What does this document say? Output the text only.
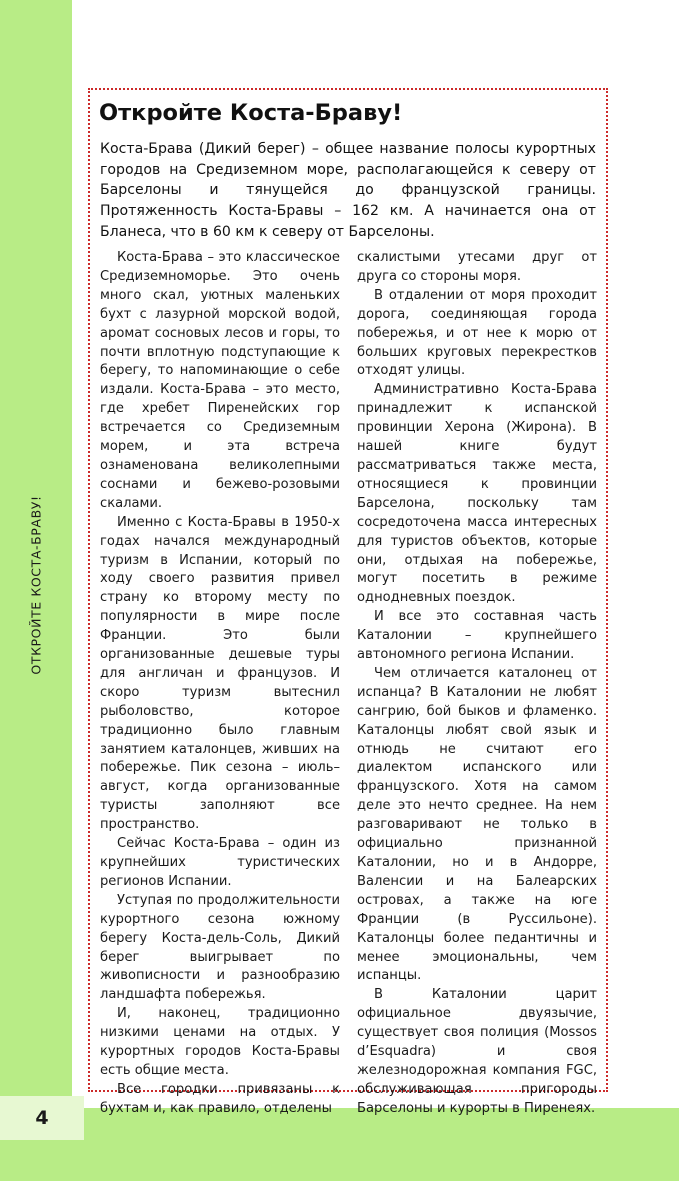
4
ОТКРОЙТЕ КОСТА-БРАВУ!
Откройте Коста-Браву!

Коста-Брава (Дикий берег) – общее название полосы курортных городов на Средиземном море, располагающейся к северу от Барселоны и тянущейся до французской границы. Протяженность Коста-Бравы – 162 км. А начинается она от Бланеса, что в 60 км к северу от Барселоны.

Коста-Брава – это классическое Средиземноморье. Это очень много скал, уютных маленьких бухт с лазурной морской водой, аромат сосновых лесов и горы, то почти вплотную подступающие к берегу, то напоминающие о себе издали. Коста-Брава – это место, где хребет Пиренейских гор встречается со Средиземным морем, и эта встреча ознаменована великолепными соснами и бежево-розовыми скалами.

Именно с Коста-Бравы в 1950-х годах начался международный туризм в Испании, который по ходу своего развития привел страну ко второму месту по популярности в мире после Франции. Это были организованные дешевые туры для англичан и французов. И скоро туризм вытеснил рыболовство, которое традиционно было главным занятием каталонцев, живших на побережье. Пик сезона – июль–август, когда организованные туристы заполняют все пространство.

Сейчас Коста-Брава – один из крупнейших туристических регионов Испании.

Уступая по продолжительности курортного сезона южному берегу Коста-дель-Соль, Дикий берег выигрывает по живописности и разнообразию ландшафта побережья.

И, наконец, традиционно низкими ценами на отдых. У курортных городов Коста-Бравы есть общие места.

Все городки привязаны к бухтам и, как правило, отделены

скалистыми утесами друг от друга со стороны моря.

В отдалении от моря проходит дорога, соединяющая города побережья, и от нее к морю от больших круговых перекрестков отходят улицы.

Административно Коста-Брава принадлежит к испанской провинции Херона (Жирона). В нашей книге будут рассматриваться также места, относящиеся к провинции Барселона, поскольку там сосредоточена масса интересных для туристов объектов, которые они, отдыхая на побережье, могут посетить в режиме однодневных поездок.

И все это составная часть Каталонии – крупнейшего автономного региона Испании.

Чем отличается каталонец от испанца? В Каталонии не любят сангрию, бой быков и фламенко. Каталонцы любят свой язык и отнюдь не считают его диалектом испанского или французского. Хотя на самом деле это нечто среднее. На нем разговаривают не только в официально признанной Каталонии, но и в Андорре, Валенсии и на Балеарских островах, а также на юге Франции (в Руссильоне). Каталонцы более педантичны и менее эмоциональны, чем испанцы.

В Каталонии царит официальное двуязычие, существует своя полиция (Mossos d’Esquadra) и своя железнодорожная компания FGC, обслуживающая пригороды Барселоны и курорты в Пиренеях.
